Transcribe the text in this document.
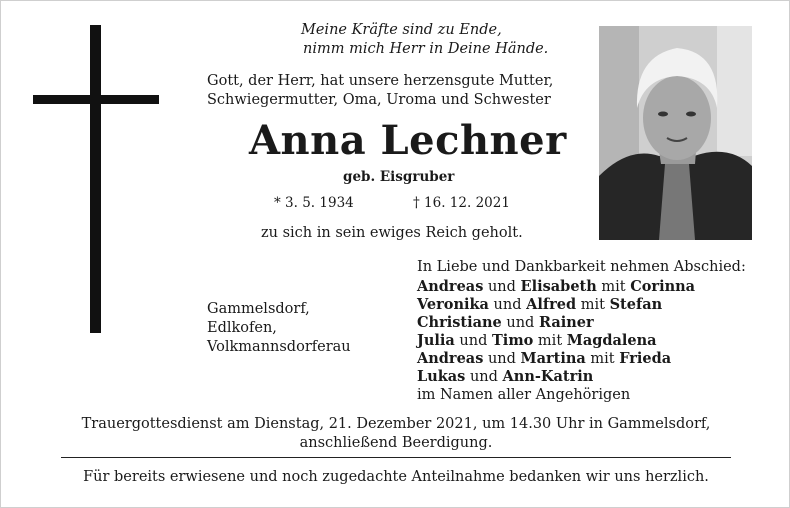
Meine Kräfte sind zu Ende,
nimm mich Herr in Deine Hände.
Gott, der Herr, hat unsere herzensgute Mutter,
Schwiegermutter, Oma, Uroma und Schwester
Anna Lechner
geb. Eisgruber
* 3. 5. 1934	† 16. 12. 2021
zu sich in sein ewiges Reich geholt.
Gammelsdorf,
Edlkofen,
Volkmannsdorferau
In Liebe und Dankbarkeit nehmen Abschied:
Andreas und Elisabeth mit Corinna
Veronika und Alfred mit Stefan
Christiane und Rainer
Julia und Timo mit Magdalena
Andreas und Martina mit Frieda
Lukas und Ann-Katrin
im Namen aller Angehörigen
Trauergottesdienst am Dienstag, 21. Dezember 2021, um 14.30 Uhr in Gammelsdorf,
anschließend Beerdigung.
Für bereits erwiesene und noch zugedachte Anteilnahme bedanken wir uns herzlich.
